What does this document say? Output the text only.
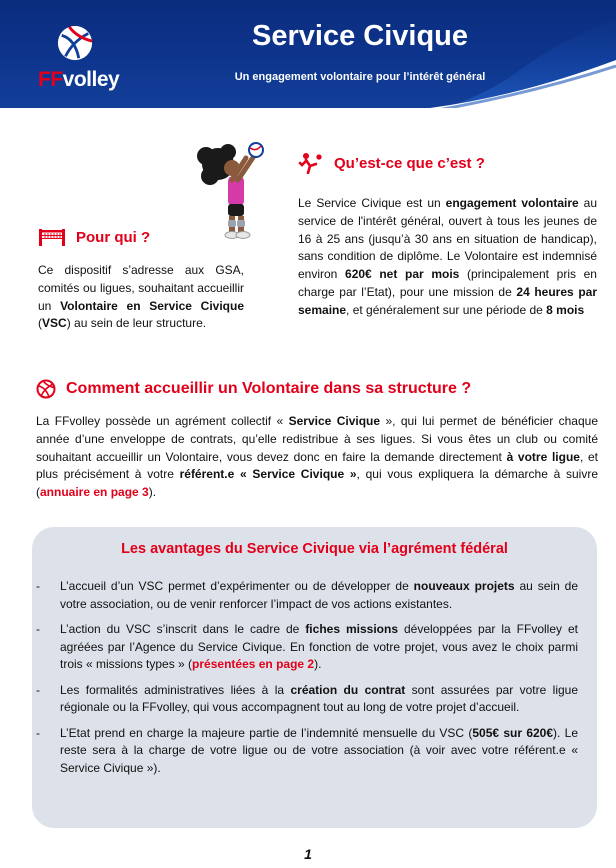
FFvolley
Service Civique
Un engagement volontaire pour l’intérêt général
Qu’est-ce que c’est ?
Le Service Civique est un engagement volontaire au service de l'intérêt général, ouvert à tous les jeunes de 16 à 25 ans (jusqu’à 30 ans en situation de handicap), sans condition de diplôme. Le Volontaire est indemnisé environ 620€ net par mois (principalement pris en charge par l’Etat), pour une mission de 24 heures par semaine, et généralement sur une période de 8 mois
Pour qui ?
Ce dispositif s’adresse aux GSA, comités ou ligues, souhaitant accueillir un Volontaire en Service Civique (VSC) au sein de leur structure.
Comment accueillir un Volontaire dans sa structure ?
La FFvolley possède un agrément collectif « Service Civique », qui lui permet de bénéficier chaque année d’une enveloppe de contrats, qu’elle redistribue à ses ligues. Si vous êtes un club ou comité souhaitant accueillir un Volontaire, vous devez donc en faire la demande directement à votre ligue, et plus précisément à votre référent.e « Service Civique », qui vous expliquera la démarche à suivre (annuaire en page 3).
Les avantages du Service Civique via l’agrément fédéral
- L’accueil d’un VSC permet d’expérimenter ou de développer de nouveaux projets au sein de votre association, ou de venir renforcer l’impact de vos actions existantes.
- L’action du VSC s’inscrit dans le cadre de fiches missions développées par la FFvolley et agréées par l’Agence du Service Civique. En fonction de votre projet, vous avez le choix parmi trois « missions types » (présentées en page 2).
- Les formalités administratives liées à la création du contrat sont assurées par votre ligue régionale ou la FFvolley, qui vous accompagnent tout au long de votre projet d’accueil.
- L’Etat prend en charge la majeure partie de l’indemnité mensuelle du VSC (505€ sur 620€). Le reste sera à la charge de votre ligue ou de votre association (à voir avec votre référent.e « Service Civique »).
1
